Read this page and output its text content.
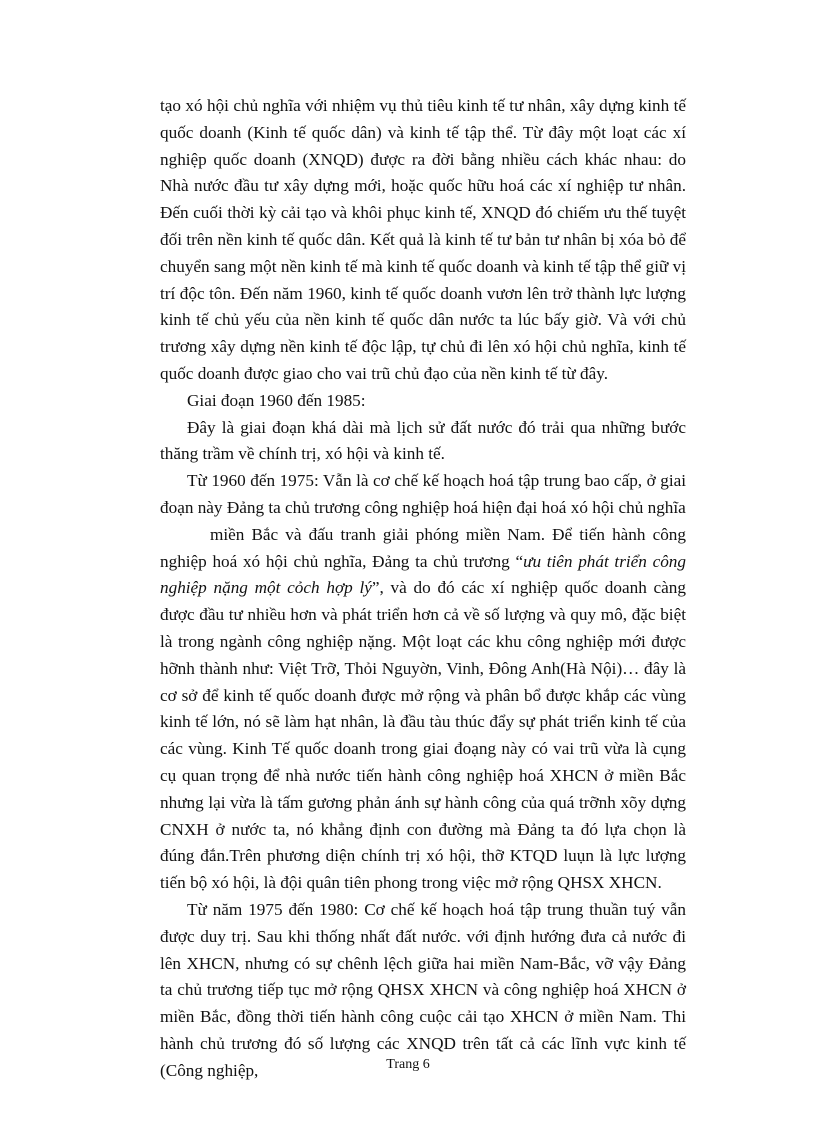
tạo xó hội chủ nghĩa với nhiệm vụ thủ tiêu kinh tế tư nhân, xây dựng kinh tế quốc doanh (Kinh tế quốc dân) và kinh tế tập thể. Từ đây một loạt các xí nghiệp quốc doanh (XNQD) được ra đời bằng nhiều cách khác nhau: do Nhà nước đầu tư xây dựng mới, hoặc quốc hữu hoá các xí nghiệp tư nhân. Đến cuối thời kỳ cải tạo và khôi phục kinh tế, XNQD đó chiếm ưu thế tuyệt đối trên nền kinh tế quốc dân. Kết quả là kinh tế tư bản tư nhân bị xóa bỏ để chuyển sang một nền kinh tế mà kinh tế quốc doanh và kinh tế tập thể giữ vị trí độc tôn. Đến năm 1960, kinh tế quốc doanh vươn lên trở thành lực lượng kinh tế chủ yếu của nền kinh tế quốc dân nước ta lúc bấy giờ. Và với chủ trương xây dựng nền kinh tế độc lập, tự chủ đi lên xó hội chủ nghĩa, kinh tế quốc doanh được giao cho vai trũ chủ đạo của nền kinh tế từ đây.

Giai đoạn 1960 đến 1985:

Đây là giai đoạn khá dài mà lịch sử đất nước đó trải qua những bước thăng trầm về chính trị, xó hội và kinh tế.

Từ 1960 đến 1975: Vẫn là cơ chế kế hoạch hoá tập trung bao cấp, ở giai đoạn này Đảng ta chủ trương công nghiệp hoá hiện đại hoá xó hội chủ nghĩa

miền Bắc và đấu tranh giải phóng miền Nam. Để tiến hành công nghiệp hoá xó hội chủ nghĩa, Đảng ta chủ trương “ưu tiên phát triển công nghiệp nặng một cỏch hợp lý”, và do đó các xí nghiệp quốc doanh càng được đầu tư nhiều hơn và phát triển hơn cả về số lượng và quy mô, đặc biệt là trong ngành công nghiệp nặng. Một loạt các khu công nghiệp mới được hỡnh thành như: Việt Trỡ, Thỏi Nguyờn, Vinh, Đông Anh(Hà Nội)… đây là cơ sở để kinh tế quốc doanh được mở rộng và phân bổ được khắp các vùng kinh tế lớn, nó sẽ làm hạt nhân, là đầu tàu thúc đẩy sự phát triển kinh tế của các vùng. Kinh Tế quốc doanh trong giai đoạng này có vai trũ vừa là cụng cụ quan trọng để nhà nước tiến hành công nghiệp hoá XHCN ở miền Bắc nhưng lại vừa là tấm gương phản ánh sự hành công của quá trỡnh xõy dựng CNXH ở nước ta, nó khẳng định con đường mà Đảng ta đó lựa chọn là đúng đắn.Trên phương diện chính trị xó hội, thỡ KTQD luụn là lực lượng tiến bộ xó hội, là đội quân tiên phong trong việc mở rộng QHSX XHCN.

Từ năm 1975 đến 1980: Cơ chế kế hoạch hoá tập trung thuần tuý vẫn được duy trị. Sau khi thống nhất đất nước. với định hướng đưa cả nước đi lên XHCN, nhưng có sự chênh lệch giữa hai miền Nam-Bắc, vỡ vậy Đảng ta chủ trương tiếp tục mở rộng QHSX XHCN và công nghiệp hoá XHCN ở miền Bắc, đồng thời tiến hành công cuộc cải tạo XHCN ở miền Nam. Thi hành chủ trương đó số lượng các XNQD trên tất cả các lĩnh vực kinh tế (Công nghiệp,	Trang 6
